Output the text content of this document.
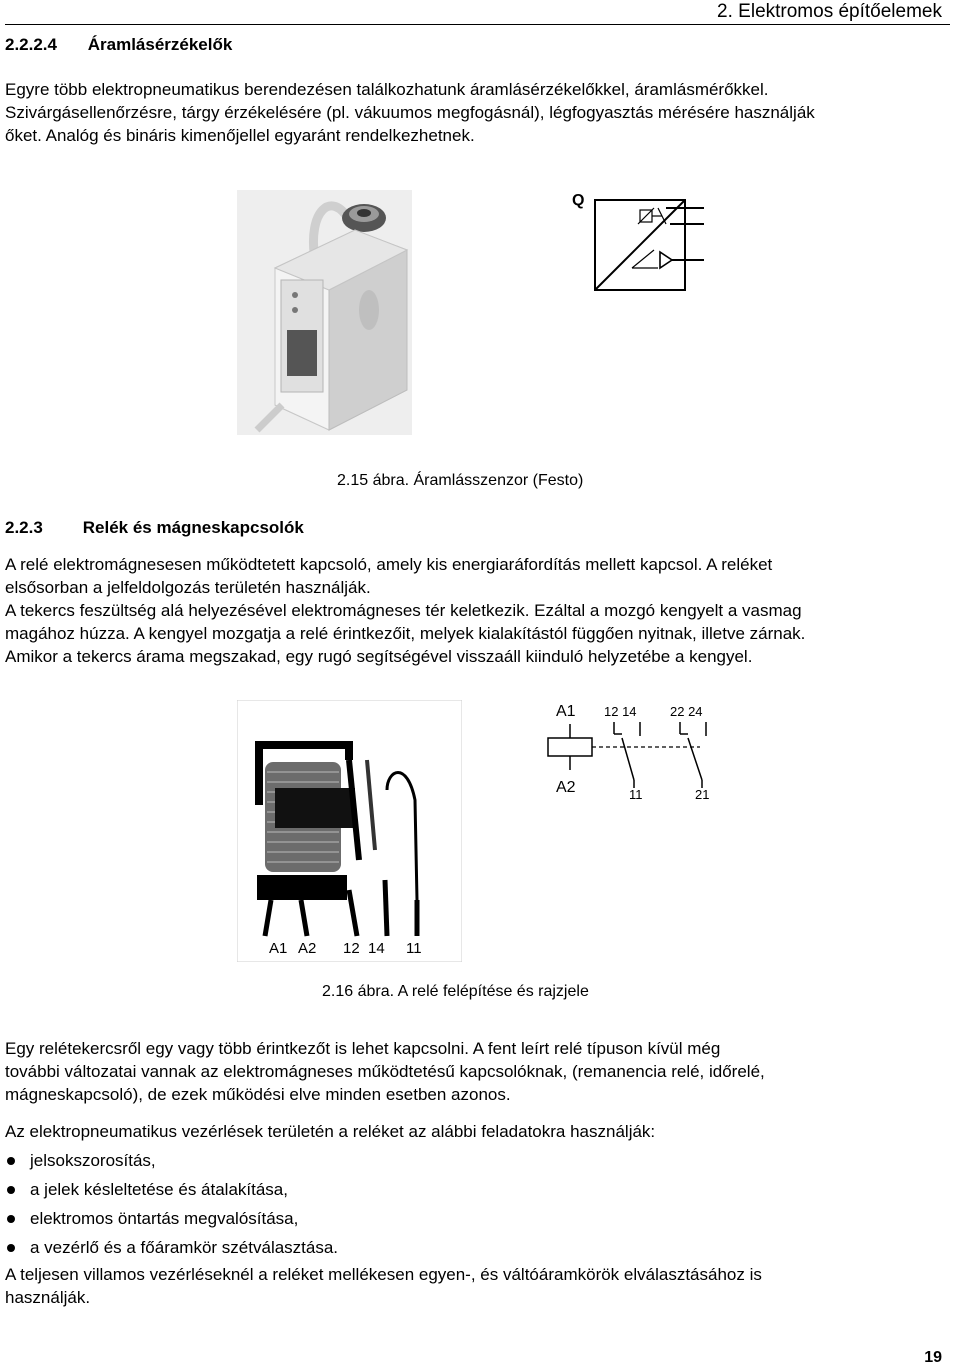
2. Elektromos építőelemek
2.2.2.4 Áramlásérzékelők
Egyre több elektropneumatikus berendezésen találkozhatunk áramlásérzékelőkkel, áramlásmérőkkel.
Szivárgásellenőrzésre, tárgy érzékelésére (pl. vákuumos megfogásnál), légfogyasztás mérésére használják
őket. Analóg és bináris kimenőjellel egyaránt rendelkezhetnek.
Q
2.15 ábra. Áramlásszenzor (Festo)
2.2.3 Relék és mágneskapcsolók
A relé elektromágnesesen működtetett kapcsoló, amely kis energiaráfordítás mellett kapcsol. A reléket
elsősorban a jelfeldolgozás területén használják.
A tekercs feszültség alá helyezésével elektromágneses tér keletkezik. Ezáltal a mozgó kengyelt a vasmag
magához húzza. A kengyel mozgatja a relé érintkezőit, melyek kialakítástól függően nyitnak, illetve zárnak.
Amikor a tekercs árama megszakad, egy rugó segítségével visszaáll kiinduló helyzetébe a kengyel.
A1 A2 12 14 11
A1
A2
12 14	22 24
11	21
2.16 ábra. A relé felépítése és rajzjele
Egy relétekercsről egy vagy több érintkezőt is lehet kapcsolni. A fent leírt relé típuson kívül még
további változatai vannak az elektromágneses működtetésű kapcsolóknak, (remanencia relé, időrelé,
mágneskapcsoló), de ezek működési elve minden esetben azonos.
Az elektropneumatikus vezérlések területén a reléket az alábbi feladatokra használják:
jelsokszorosítás,
a jelek késleltetése és átalakítása,
elektromos öntartás megvalósítása,
a vezérlő és a főáramkör szétválasztása.
A teljesen villamos vezérléseknél a reléket mellékesen egyen-, és váltóáramkörök elválasztásához is
használják.
19
